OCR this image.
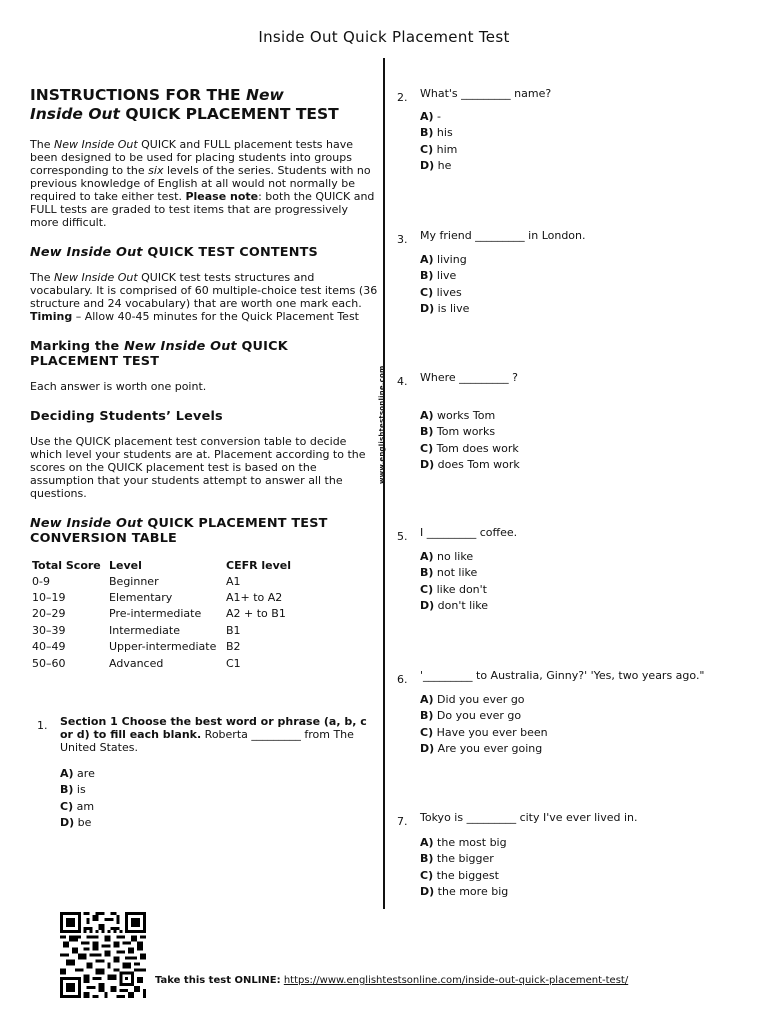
Inside Out Quick Placement Test
www.englishtestsonline.com
INSTRUCTIONS FOR THE New
Inside Out QUICK PLACEMENT TEST
The New Inside Out QUICK and FULL placement tests have been designed to be used for placing students into groups corresponding to the six levels of the series. Students with no previous knowledge of English at all would not normally be required to take either test. Please note: both the QUICK and FULL tests are graded to test items that are progressively more difficult.
New Inside Out QUICK TEST CONTENTS
The New Inside Out QUICK test tests structures and vocabulary. It is comprised of 60 multiple-choice test items (36 structure and 24 vocabulary) that are worth one mark each. Timing – Allow 40-45 minutes for the Quick Placement Test
Marking the New Inside Out QUICK PLACEMENT TEST
Each answer is worth one point.
Deciding Students’ Levels
Use the QUICK placement test conversion table to decide which level your students are at. Placement according to the scores on the QUICK placement test is based on the assumption that your students attempt to answer all the questions.
New Inside Out QUICK PLACEMENT TEST CONVERSION TABLE
Total Score	Level	CEFR level
0-9	Beginner	A1
10–19	Elementary	A1+ to A2
20–29	Pre-intermediate	A2 + to B1
30–39	Intermediate	B1
40–49	Upper-intermediate	B2
50–60	Advanced	C1
1. Section 1 Choose the best word or phrase (a, b, c or d) to fill each blank. Roberta _________ from The United States.
A) are
B) is
C) am
D) be
2. What's _________ name?
A) -
B) his
C) him
D) he
3. My friend _________ in London.
A) living
B) live
C) lives
D) is live
4. Where _________ ?
A) works Tom
B) Tom works
C) Tom does work
D) does Tom work
5. I _________ coffee.
A) no like
B) not like
C) like don't
D) don't like
6. '_________ to Australia, Ginny?' 'Yes, two years ago."
A) Did you ever go
B) Do you ever go
C) Have you ever been
D) Are you ever going
7. Tokyo is _________ city I've ever lived in.
A) the most big
B) the bigger
C) the biggest
D) the more big
Take this test ONLINE: https://www.englishtestsonline.com/inside-out-quick-placement-test/
